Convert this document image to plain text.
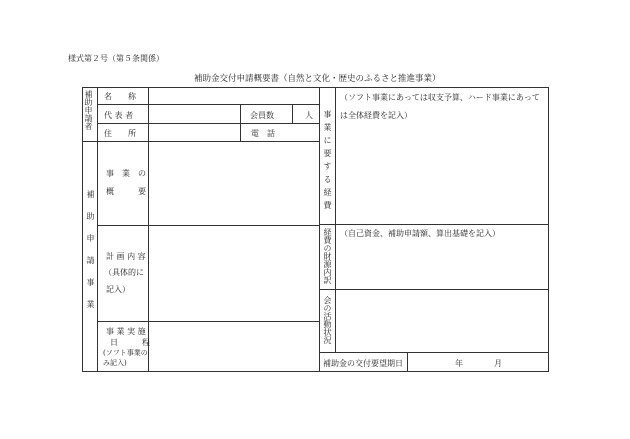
様式第２号（第５条関係）
補助金交付申請概要書（自然と文化・歴史のふるさと推進事業）
補助申請者 名　　称
代 表 者	会員数	人
住　　所	電　話
補助申請事業
事　業　の
概　　　要
計 画 内 容
（具体的に
記入）
事 業 実 施
日　　　程
(ソフト事業の
み記入)
事業に要する経費
（ソフト事業にあっては収支予算、ハード事業にあって
は全体経費を記入）
経費の財源内訳 （自己資金、補助申請額、算出基礎を記入）
会の活動状況
補助金の交付要望期日	年	月
